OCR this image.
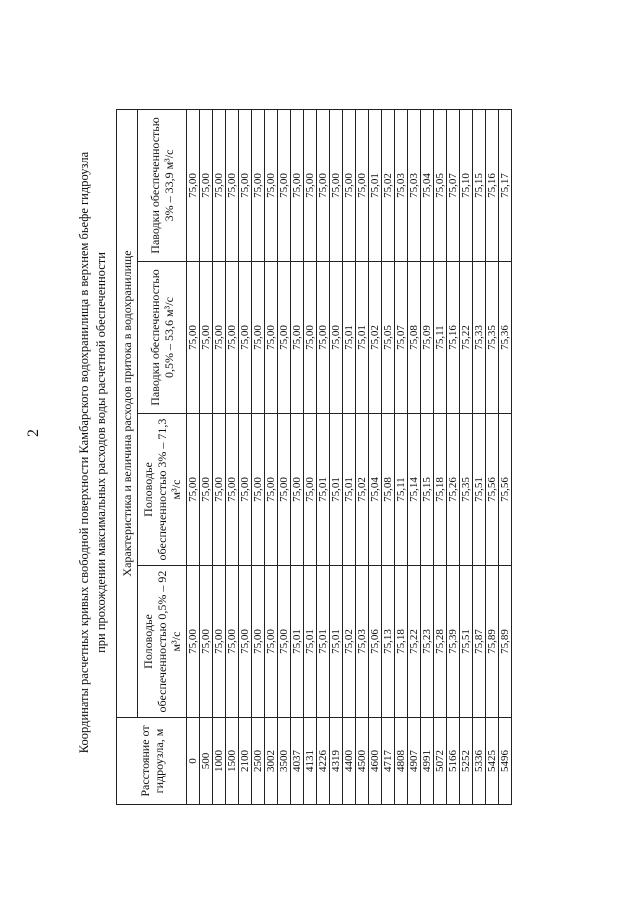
2	Координаты расчетных кривых свободной поверхности Камбарского водохранилища в верхнем бьефе гидроузла при прохождении максимальных расходов воды расчетной обеспеченности
Расстояние от гидроузла, м	Характеристика и величина расходов притока в водохранилище			
	Половодье обеспеченностью 0,5% – 92 м³/с	Половодье обеспеченностью 3% – 71,3 м³/с	Паводки обеспеченностью 0,5% – 53,6 м³/с	Паводки обеспеченностью 3% – 33,9 м³/с
0	75,00	75,00	75,00	75,00
500	75,00	75,00	75,00	75,00
1000	75,00	75,00	75,00	75,00
1500	75,00	75,00	75,00	75,00
2100	75,00	75,00	75,00	75,00
2500	75,00	75,00	75,00	75,00
3002	75,00	75,00	75,00	75,00
3500	75,00	75,00	75,00	75,00
4037	75,01	75,00	75,00	75,00
4131	75,01	75,00	75,00	75,00
4226	75,01	75,01	75,00	75,00
4319	75,01	75,01	75,00	75,00
4400	75,02	75,01	75,01	75,00
4500	75,03	75,02	75,01	75,00
4600	75,06	75,04	75,02	75,01
4717	75,13	75,08	75,05	75,02
4808	75,18	75,11	75,07	75,03
4907	75,22	75,14	75,08	75,03
4991	75,23	75,15	75,09	75,04
5072	75,28	75,18	75,11	75,05
5166	75,39	75,26	75,16	75,07
5252	75,51	75,35	75,22	75,10
5336	75,87	75,51	75,33	75,15
5425	75,89	75,56	75,35	75,16
5496	75,89	75,56	75,36	75,17
